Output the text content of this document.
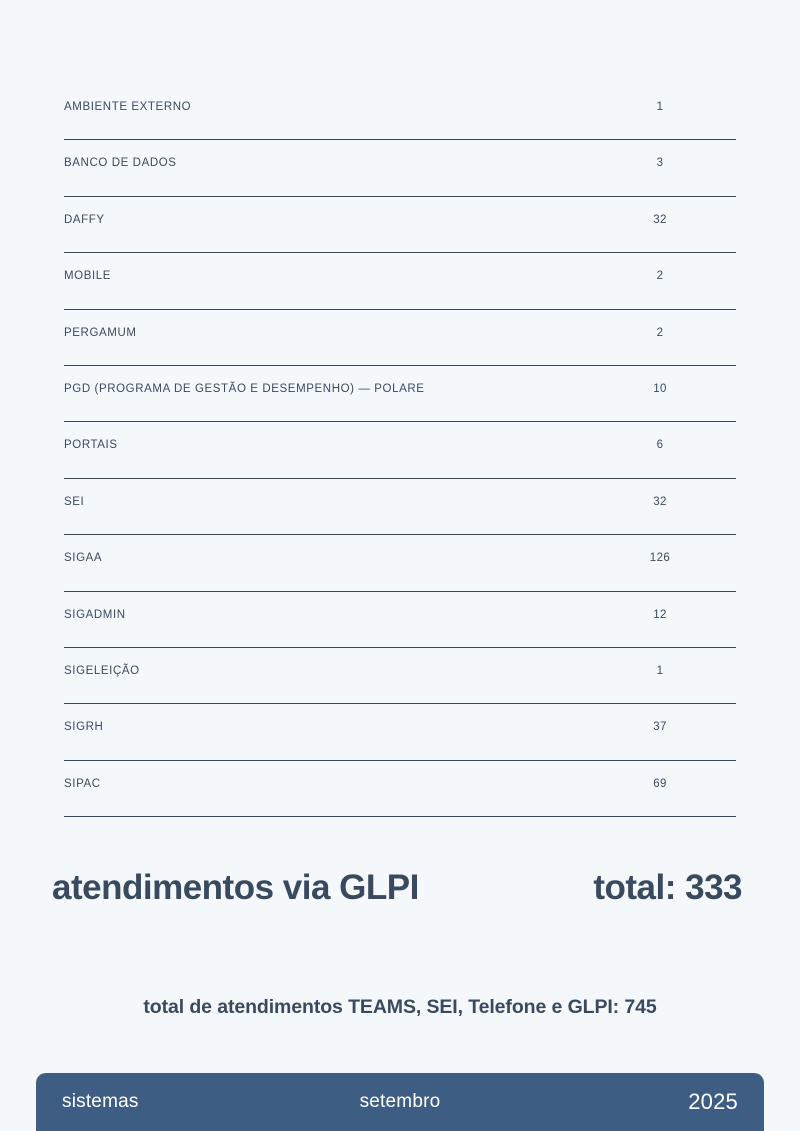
AMBIENTE EXTERNO	1
BANCO DE DADOS	3
DAFFY	32
MOBILE	2
PERGAMUM	2
PGD (PROGRAMA DE GESTÃO E DESEMPENHO) — POLARE	10
PORTAIS	6
SEI	32
SIGAA	126
SIGADMIN	12
SIGELEIÇÃO	1
SIGRH	37
SIPAC	69
atendimentos via GLPI	total: 333
total de atendimentos TEAMS, SEI, Telefone e GLPI: 745
setembro
sistemas	2025
